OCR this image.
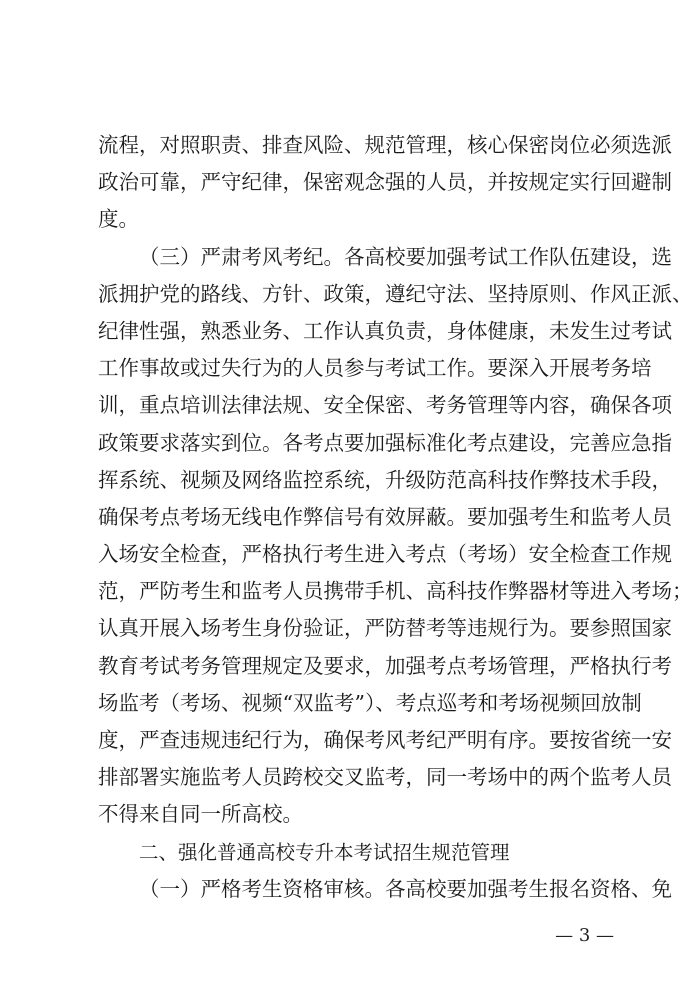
流程，对照职责、排查风险、规范管理，核心保密岗位必须选派
政治可靠，严守纪律，保密观念强的人员，并按规定实行回避制
度。
（三）严肃考风考纪。各高校要加强考试工作队伍建设，选
派拥护党的路线、方针、政策，遵纪守法、坚持原则、作风正派、
纪律性强，熟悉业务、工作认真负责，身体健康，未发生过考试
工作事故或过失行为的人员参与考试工作。要深入开展考务培
训，重点培训法律法规、安全保密、考务管理等内容，确保各项
政策要求落实到位。各考点要加强标准化考点建设，完善应急指
挥系统、视频及网络监控系统，升级防范高科技作弊技术手段，
确保考点考场无线电作弊信号有效屏蔽。要加强考生和监考人员
入场安全检查，严格执行考生进入考点（考场）安全检查工作规
范，严防考生和监考人员携带手机、高科技作弊器材等进入考场；
认真开展入场考生身份验证，严防替考等违规行为。要参照国家
教育考试考务管理规定及要求，加强考点考场管理，严格执行考
场监考（考场、视频“双监考”）、考点巡考和考场视频回放制
度，严查违规违纪行为，确保考风考纪严明有序。要按省统一安
排部署实施监考人员跨校交叉监考，同一考场中的两个监考人员
不得来自同一所高校。
二、强化普通高校专升本考试招生规范管理
（一）严格考生资格审核。各高校要加强考生报名资格、免
— 3 —
